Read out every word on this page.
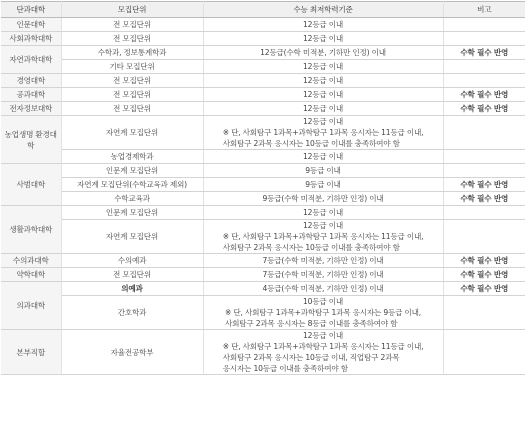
단과대학	모집단위	수능 최저학력기준	비고
인문대학	전 모집단위	12등급 이내	

사회과학대학	전 모집단위	12등급 이내	

자연과학대학	수학과, 정보통계학과	12등급(수학 미적분, 기하만 인정) 이내	수학 필수 반영
	기타 모집단위	12등급 이내	

경영대학	전 모집단위	12등급 이내	

공과대학	전 모집단위	12등급 이내	수학 필수 반영
전자정보대학	전 모집단위	12등급 이내	수학 필수 반영
농업생명 환경대학	자연계 모집단위	12등급 이내
※ 단, 사회탐구 1과목+과학탐구 1과목 응시자는 11등급 이내,
사회탐구 2과목 응시자는 10등급 이내를 충족하여야 함	

	농업경제학과	12등급 이내	

사범대학	인문계 모집단위	9등급 이내	

	자연계 모집단위(수학교육과 제외)	9등급 이내	수학 필수 반영
	수학교육과	9등급(수학 미적분, 기하만 인정) 이내	수학 필수 반영
생활과학대학	인문계 모집단위	12등급 이내	

	자연계 모집단위	12등급 이내
※ 단, 사회탐구 1과목+과학탐구 1과목 응시자는 11등급 이내,
사회탐구 2과목 응시자는 10등급 이내를 충족하여야 함	

수의과대학	수의예과	7등급(수학 미적분, 기하만 인정) 이내	수학 필수 반영
약학대학	전 모집단위	7등급(수학 미적분, 기하만 인정) 이내	수학 필수 반영
의과대학	의예과	4등급(수학 미적분, 기하만 인정) 이내	수학 필수 반영
	간호학과	10등급 이내
※ 단, 사회탐구 1과목+과학탐구 1과목 응시자는 9등급 이내,
사회탐구 2과목 응시자는 8등급 이내를 충족하여야 함	

본부직할	자율전공학부	12등급 이내
※ 단, 사회탐구 1과목+과학탐구 1과목 응시자는 11등급 이내,
사회탐구 2과목 응시자는 10등급 이내, 직업탐구 2과목
응시자는 10등급 이내를 충족하여야 함	
